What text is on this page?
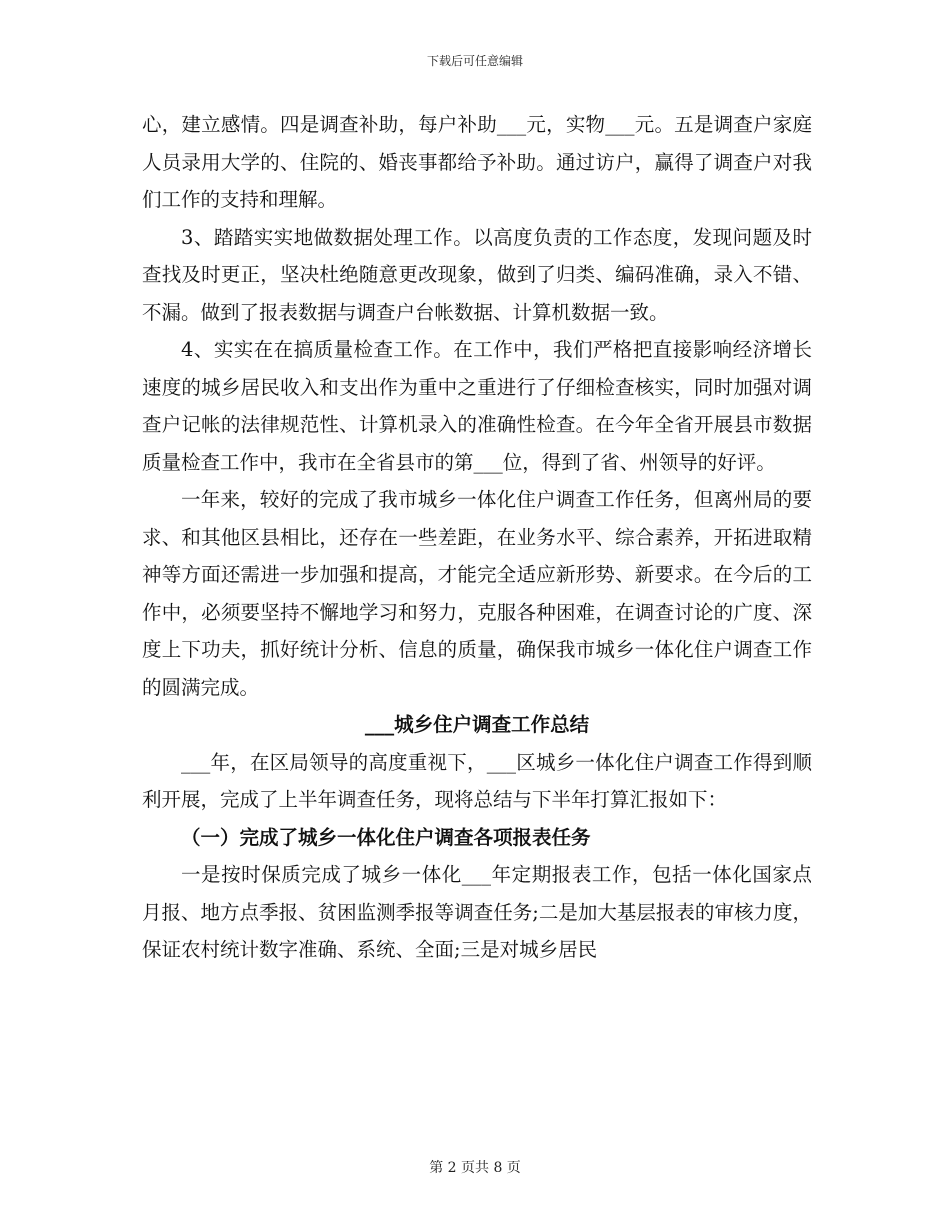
下载后可任意编辑

心，建立感情。四是调查补助，每户补助___元，实物___元。五是调查户家庭人员录用大学的、住院的、婚丧事都给予补助。通过访户，赢得了调查户对我们工作的支持和理解。

3、踏踏实实地做数据处理工作。以高度负责的工作态度，发现问题及时查找及时更正，坚决杜绝随意更改现象，做到了归类、编码准确，录入不错、不漏。做到了报表数据与调查户台帐数据、计算机数据一致。

4、实实在在搞质量检查工作。在工作中，我们严格把直接影响经济增长速度的城乡居民收入和支出作为重中之重进行了仔细检查核实，同时加强对调查户记帐的法律规范性、计算机录入的准确性检查。在今年全省开展县市数据质量检查工作中，我市在全省县市的第___位，得到了省、州领导的好评。

一年来，较好的完成了我市城乡一体化住户调查工作任务，但离州局的要求、和其他区县相比，还存在一些差距，在业务水平、综合素养，开拓进取精神等方面还需进一步加强和提高，才能完全适应新形势、新要求。在今后的工作中，必须要坚持不懈地学习和努力，克服各种困难，在调查讨论的广度、深度上下功夫，抓好统计分析、信息的质量，确保我市城乡一体化住户调查工作的圆满完成。

___城乡住户调查工作总结

___年，在区局领导的高度重视下，___区城乡一体化住户调查工作得到顺利开展，完成了上半年调查任务，现将总结与下半年打算汇报如下：

（一）完成了城乡一体化住户调查各项报表任务

一是按时保质完成了城乡一体化___年定期报表工作，包括一体化国家点月报、地方点季报、贫困监测季报等调查任务;二是加大基层报表的审核力度，保证农村统计数字准确、系统、全面;三是对城乡居民

第 2 页共 8 页
